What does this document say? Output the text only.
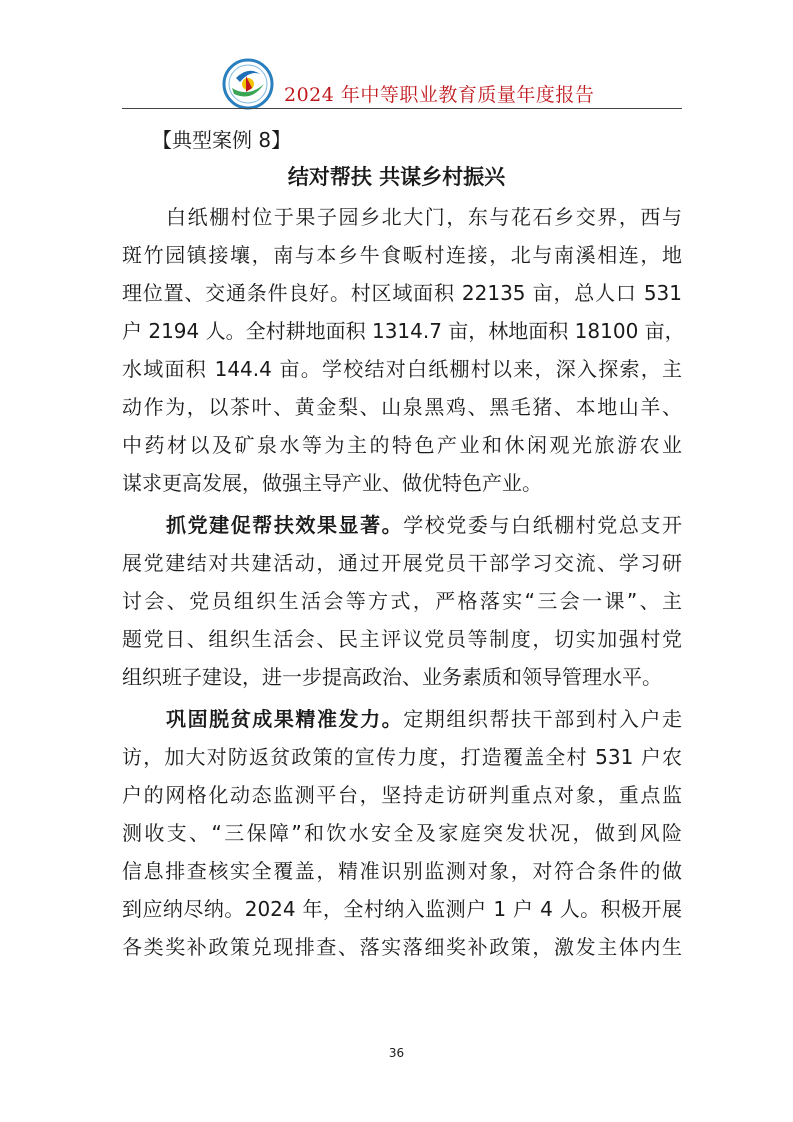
2024 年中等职业教育质量年度报告
【典型案例 8】
结对帮扶 共谋乡村振兴
白纸棚村位于果子园乡北大门，东与花石乡交界，西与
斑竹园镇接壤，南与本乡牛食畈村连接，北与南溪相连，地
理位置、交通条件良好。村区域面积 22135 亩，总人口 531
户 2194 人。全村耕地面积 1314.7 亩，林地面积 18100 亩，
水域面积 144.4 亩。学校结对白纸棚村以来，深入探索，主
动作为，以茶叶、黄金梨、山泉黑鸡、黑毛猪、本地山羊、
中药材以及矿泉水等为主的特色产业和休闲观光旅游农业
谋求更高发展，做强主导产业、做优特色产业。
抓党建促帮扶效果显著。学校党委与白纸棚村党总支开
展党建结对共建活动，通过开展党员干部学习交流、学习研
讨会、党员组织生活会等方式，严格落实“三会一课”、主
题党日、组织生活会、民主评议党员等制度，切实加强村党
组织班子建设，进一步提高政治、业务素质和领导管理水平。
巩固脱贫成果精准发力。定期组织帮扶干部到村入户走
访，加大对防返贫政策的宣传力度，打造覆盖全村 531 户农
户的网格化动态监测平台，坚持走访研判重点对象，重点监
测收支、“三保障”和饮水安全及家庭突发状况，做到风险
信息排查核实全覆盖，精准识别监测对象，对符合条件的做
到应纳尽纳。2024 年，全村纳入监测户 1 户 4 人。积极开展
各类奖补政策兑现排查、落实落细奖补政策，激发主体内生
36
